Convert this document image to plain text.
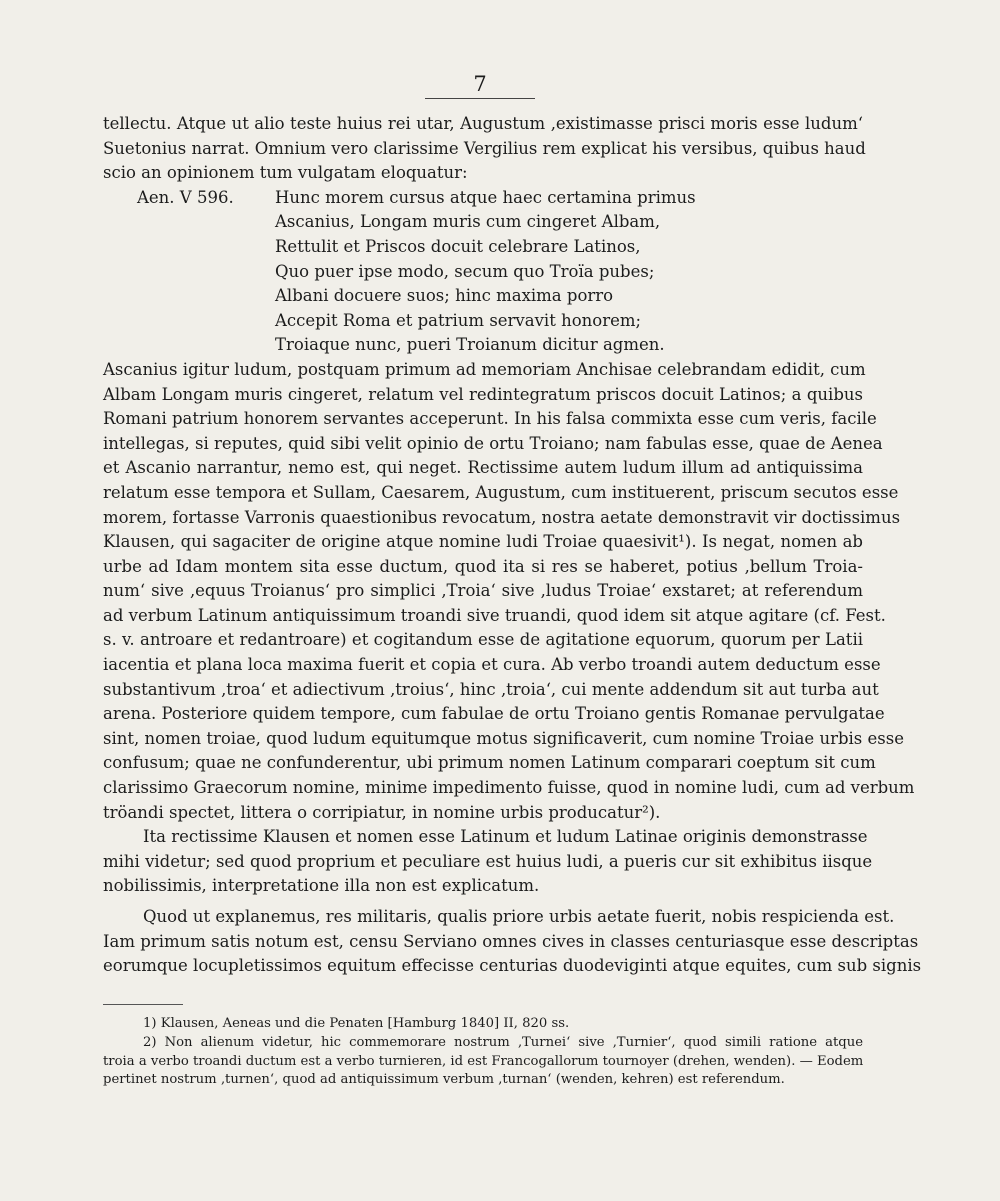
7
tellectu. Atque ut alio teste huius rei utar, Augustum ‚existimasse prisci moris esse ludum‘
Suetonius narrat. Omnium vero clarissime Vergilius rem explicat his versibus, quibus haud
scio an opinionem tum vulgatam eloquatur:
Aen. V 596.	Hunc morem cursus atque haec certamina primus
Ascanius, Longam muris cum cingeret Albam,
Rettulit et Priscos docuit celebrare Latinos,
Quo puer ipse modo, secum quo Troïa pubes;
Albani docuere suos; hinc maxima porro
Accepit Roma et patrium servavit honorem;
Troiaque nunc, pueri Troianum dicitur agmen.
Ascanius igitur ludum, postquam primum ad memoriam Anchisae celebrandam edidit, cum
Albam Longam muris cingeret, relatum vel redintegratum priscos docuit Latinos; a quibus
Romani patrium honorem servantes acceperunt. In his falsa commixta esse cum veris, facile
intellegas, si reputes, quid sibi velit opinio de ortu Troiano; nam fabulas esse, quae de Aenea
et Ascanio narrantur, nemo est, qui neget. Rectissime autem ludum illum ad antiquissima
relatum esse tempora et Sullam, Caesarem, Augustum, cum instituerent, priscum secutos esse
morem, fortasse Varronis quaestionibus revocatum, nostra aetate demonstravit vir doctissimus
Klausen, qui sagaciter de origine atque nomine ludi Troiae quaesivit¹). Is negat, nomen ab
urbe ad Idam montem sita esse ductum, quod ita si res se haberet, potius ‚bellum Troia-
num‘ sive ‚equus Troianus‘ pro simplici ‚Troia‘ sive ‚ludus Troiae‘ exstaret; at referendum
ad verbum Latinum antiquissimum troandi sive truandi, quod idem sit atque agitare (cf. Fest.
s. v. antroare et redantroare) et cogitandum esse de agitatione equorum, quorum per Latii
iacentia et plana loca maxima fuerit et copia et cura. Ab verbo troandi autem deductum esse
substantivum ‚troa‘ et adiectivum ‚troius‘, hinc ‚troia‘, cui mente addendum sit aut turba aut
arena. Posteriore quidem tempore, cum fabulae de ortu Troiano gentis Romanae pervulgatae
sint, nomen troiae, quod ludum equitumque motus significaverit, cum nomine Troiae urbis esse
confusum; quae ne confunderentur, ubi primum nomen Latinum comparari coeptum sit cum
clarissimo Graecorum nomine, minime impedimento fuisse, quod in nomine ludi, cum ad verbum
tröandi spectet, littera o corripiatur, in nomine urbis producatur²).
Ita rectissime Klausen et nomen esse Latinum et ludum Latinae originis demonstrasse
mihi videtur; sed quod proprium et peculiare est huius ludi, a pueris cur sit exhibitus iisque
nobilissimis, interpretatione illa non est explicatum.
Quod ut explanemus, res militaris, qualis priore urbis aetate fuerit, nobis respicienda est.
Iam primum satis notum est, censu Serviano omnes cives in classes centuriasque esse descriptas
eorumque locupletissimos equitum effecisse centurias duodeviginti atque equites, cum sub signis
1) Klausen, Aeneas und die Penaten [Hamburg 1840] II, 820 ss.
2) Non alienum videtur, hic commemorare nostrum ‚Turnei‘ sive ‚Turnier‘, quod simili ratione atque
troia a verbo troandi ductum est a verbo turnieren, id est Francogallorum tournoyer (drehen, wenden). — Eodem
pertinet nostrum ‚turnen‘, quod ad antiquissimum verbum ‚turnan‘ (wenden, kehren) est referendum.
